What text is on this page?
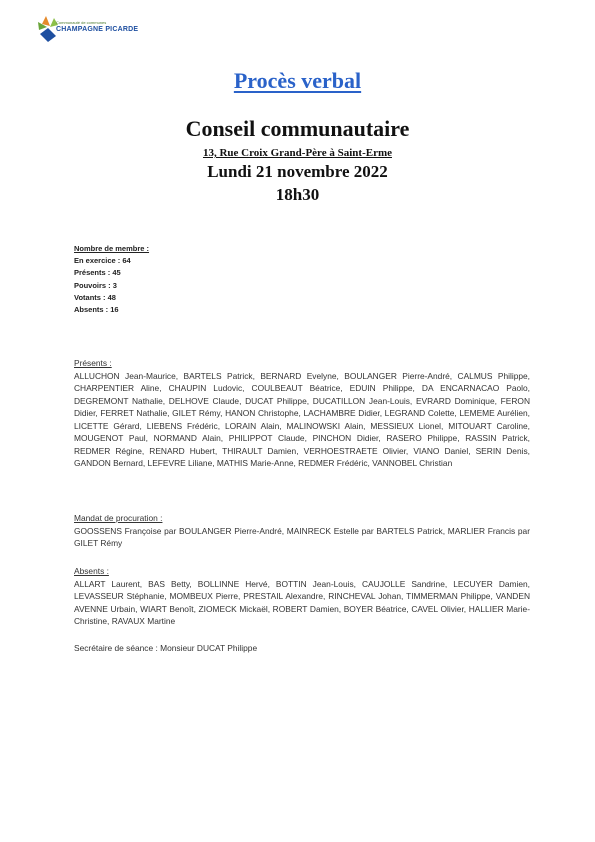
Communauté de communes
CHAMPAGNE PICARDE
Procès verbal
Conseil communautaire
13, Rue Croix Grand-Père à Saint-Erme
Lundi 21 novembre 2022
18h30
Nombre de membre :
En exercice : 64
Présents : 45
Pouvoirs : 3
Votants : 48
Absents : 16
Présents :
ALLUCHON Jean-Maurice, BARTELS Patrick, BERNARD Evelyne, BOULANGER Pierre-André, CALMUS Philippe, CHARPENTIER Aline, CHAUPIN Ludovic, COULBEAUT Béatrice, EDUIN Philippe, DA ENCARNACAO Paolo, DEGREMONT Nathalie, DELHOVE Claude, DUCAT Philippe, DUCATILLON Jean-Louis, EVRARD Dominique, FERON Didier, FERRET Nathalie, GILET Rémy, HANON Christophe, LACHAMBRE Didier, LEGRAND Colette, LEMEME Aurélien, LICETTE Gérard, LIEBENS Frédéric, LORAIN Alain, MALINOWSKI Alain, MESSIEUX Lionel, MITOUART Caroline, MOUGENOT Paul, NORMAND Alain, PHILIPPOT Claude, PINCHON Didier, RASERO Philippe, RASSIN Patrick, REDMER Régine, RENARD Hubert, THIRAULT Damien, VERHOESTRAETE Olivier, VIANO Daniel, SERIN Denis, GANDON Bernard, LEFEVRE Liliane, MATHIS Marie-Anne, REDMER Frédéric, VANNOBEL Christian
Mandat de procuration :
GOOSSENS Françoise par BOULANGER Pierre-André, MAINRECK Estelle par BARTELS Patrick, MARLIER Francis par GILET Rémy
Absents :
ALLART Laurent, BAS Betty, BOLLINNE Hervé, BOTTIN Jean-Louis, CAUJOLLE Sandrine, LECUYER Damien, LEVASSEUR Stéphanie, MOMBEUX Pierre, PRESTAIL Alexandre, RINCHEVAL Johan, TIMMERMAN Philippe, VANDEN AVENNE Urbain, WIART Benoît, ZIOMECK Mickaël, ROBERT Damien, BOYER Béatrice, CAVEL Olivier, HALLIER Marie-Christine, RAVAUX Martine
Secrétaire de séance : Monsieur DUCAT Philippe
